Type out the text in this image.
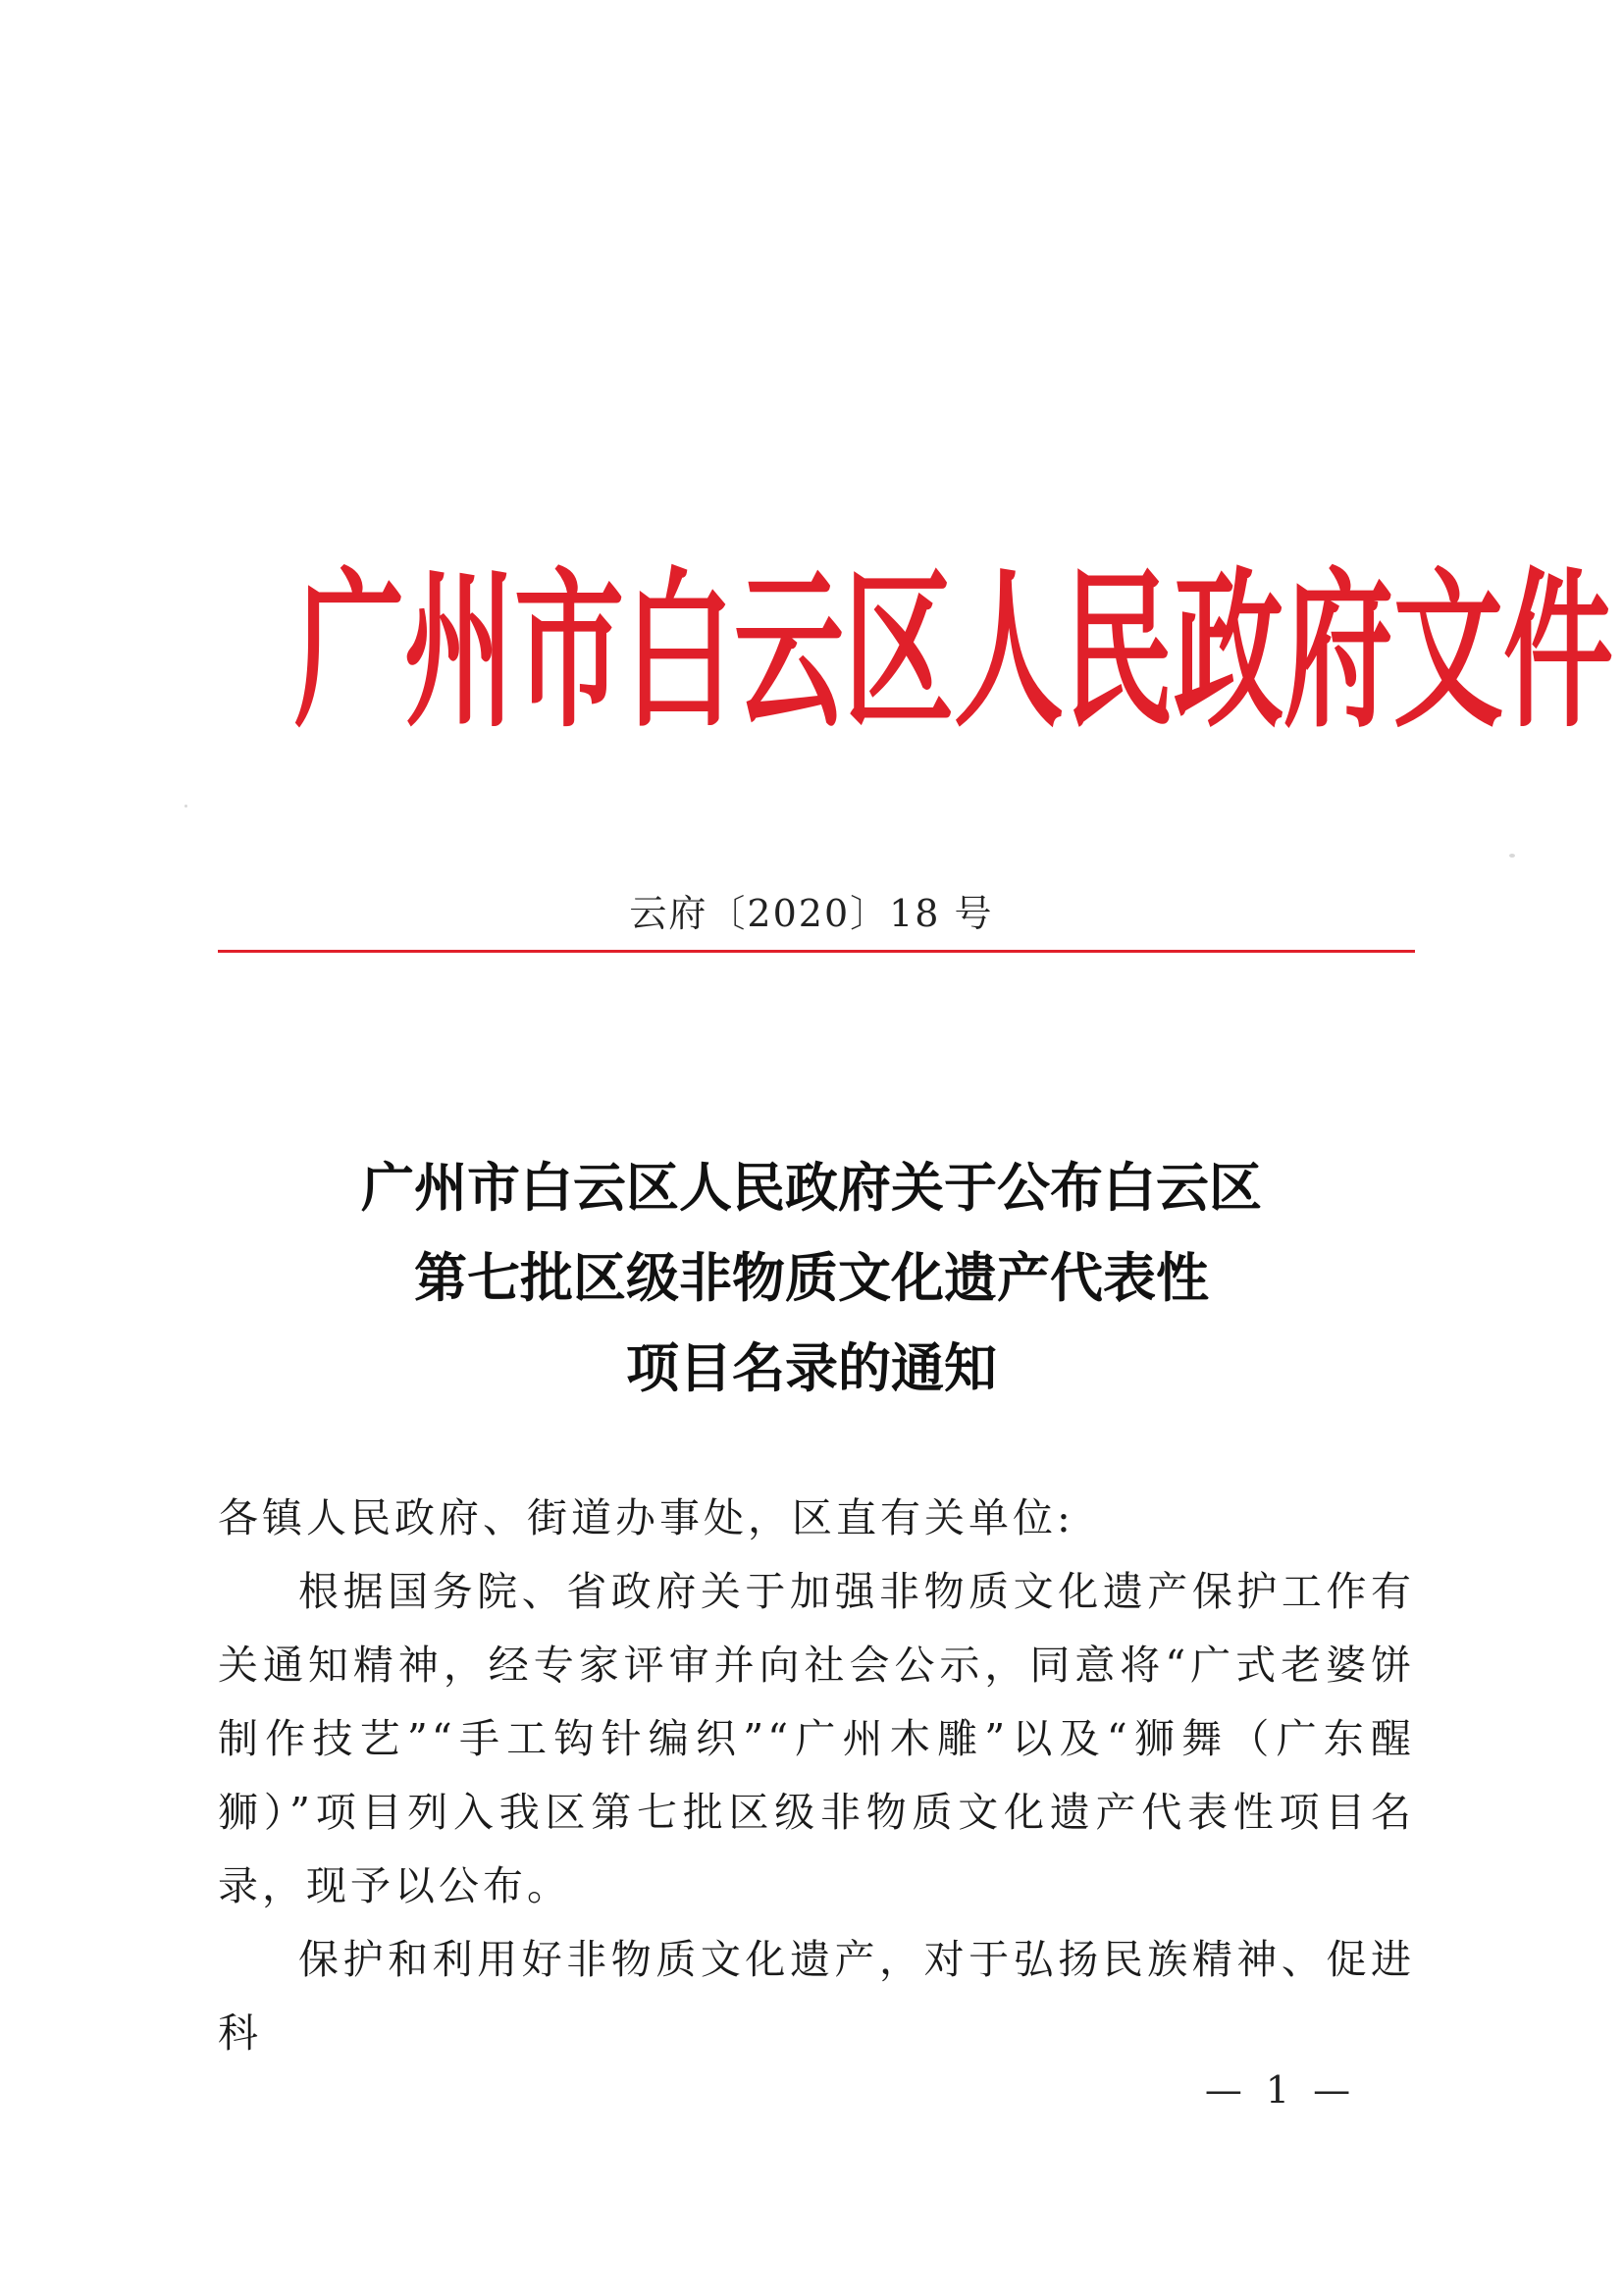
广 州 市 白 云 区 人 民 政 府 文 件
云府〔2020〕18 号
广州市白云区人民政府关于公布白云区
第七批区级非物质文化遗产代表性
项目名录的通知

各镇人民政府、街道办事处，区直有关单位:

根据国务院、省政府关于加强非物质文化遗产保护工作有关通知精神，经专家评审并向社会公示，同意将“广式老婆饼制作技艺”“手工钩针编织”“广州木雕”以及“狮舞（广东醒狮）”项目列入我区第七批区级非物质文化遗产代表性项目名录，现予以公布。

保护和利用好非物质文化遗产，对于弘扬民族精神、促进科

— 1 —
